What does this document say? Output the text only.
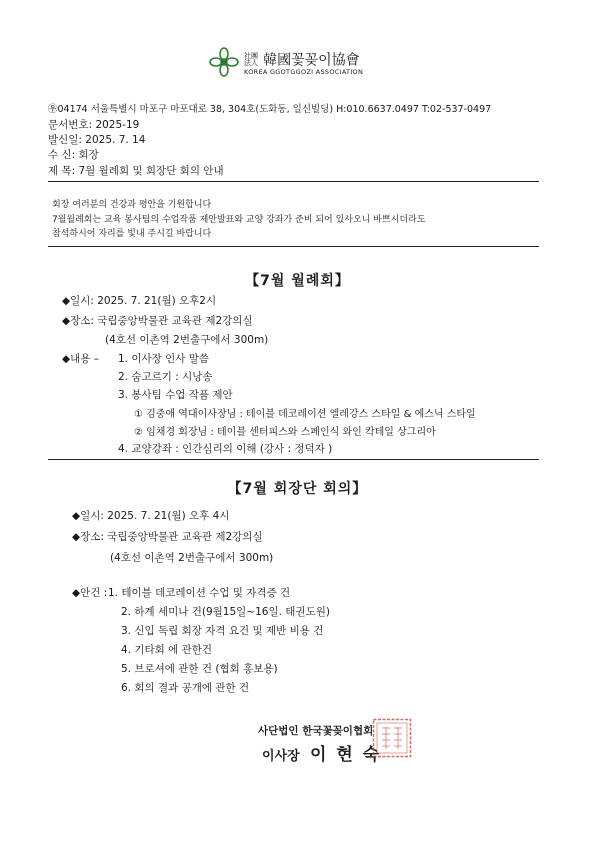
社團法人 韓國꽃꽂이協會
KOREA GGOTGGOZI ASSOCIATION
㉾04174 서울특별시 마포구 마포대로 38, 304호(도화동, 일신빌딩) H:010.6637.0497 T:02-537-0497
문서번호: 2025-19
발신일: 2025. 7. 14
수 신: 회장
제 목: 7월 월례회 및 회장단 회의 안내
회장 여러분의 건강과 평안을 기원합니다
7월월례회는 교육 봉사팀의 수업작품 제안발표와 교양 강좌가 준비 되어 있사오니 바쁘시더라도
참석하시어 자리를 빛내 주시길 바랍니다
【7월 월례회】
◆일시: 2025. 7. 21(월) 오후2시
◆장소: 국립중앙박물관 교육관 제2강의실
(4호선 이촌역 2번출구에서 300m)
◆내용 – 1. 이사장 인사 말씀
2. 숨고르기 : 시낭송
3. 봉사팀 수업 작품 제안
① 김중애 역대이사장님 : 테이블 데코레이션 엘레강스 스타일 & 에스닉 스타일
② 임채경 회장님 : 테이블 센터피스와 스페인식 와인 칵테일 상그리아
4. 교양강좌 : 인간심리의 이해 (강사 : 정덕자 )
【7월 회장단 회의】
◆일시: 2025. 7. 21(월) 오후 4시
◆장소: 국립중앙박물관 교육관 제2강의실
(4호선 이촌역 2번출구에서 300m)
◆안건 : 1. 테이블 데코레이션 수업 및 자격증 건
2. 하계 세미나 건(9월15일~16일. 태권도원)
3. 신입 독립 회장 자격 요건 및 제반 비용 건
4. 기타회 에 관한건
5. 브로셔에 관한 건 (협회 홍보용)
6. 회의 결과 공개에 관한 건
사단법인 한국꽃꽂이협회
이사장 이 현 숙
